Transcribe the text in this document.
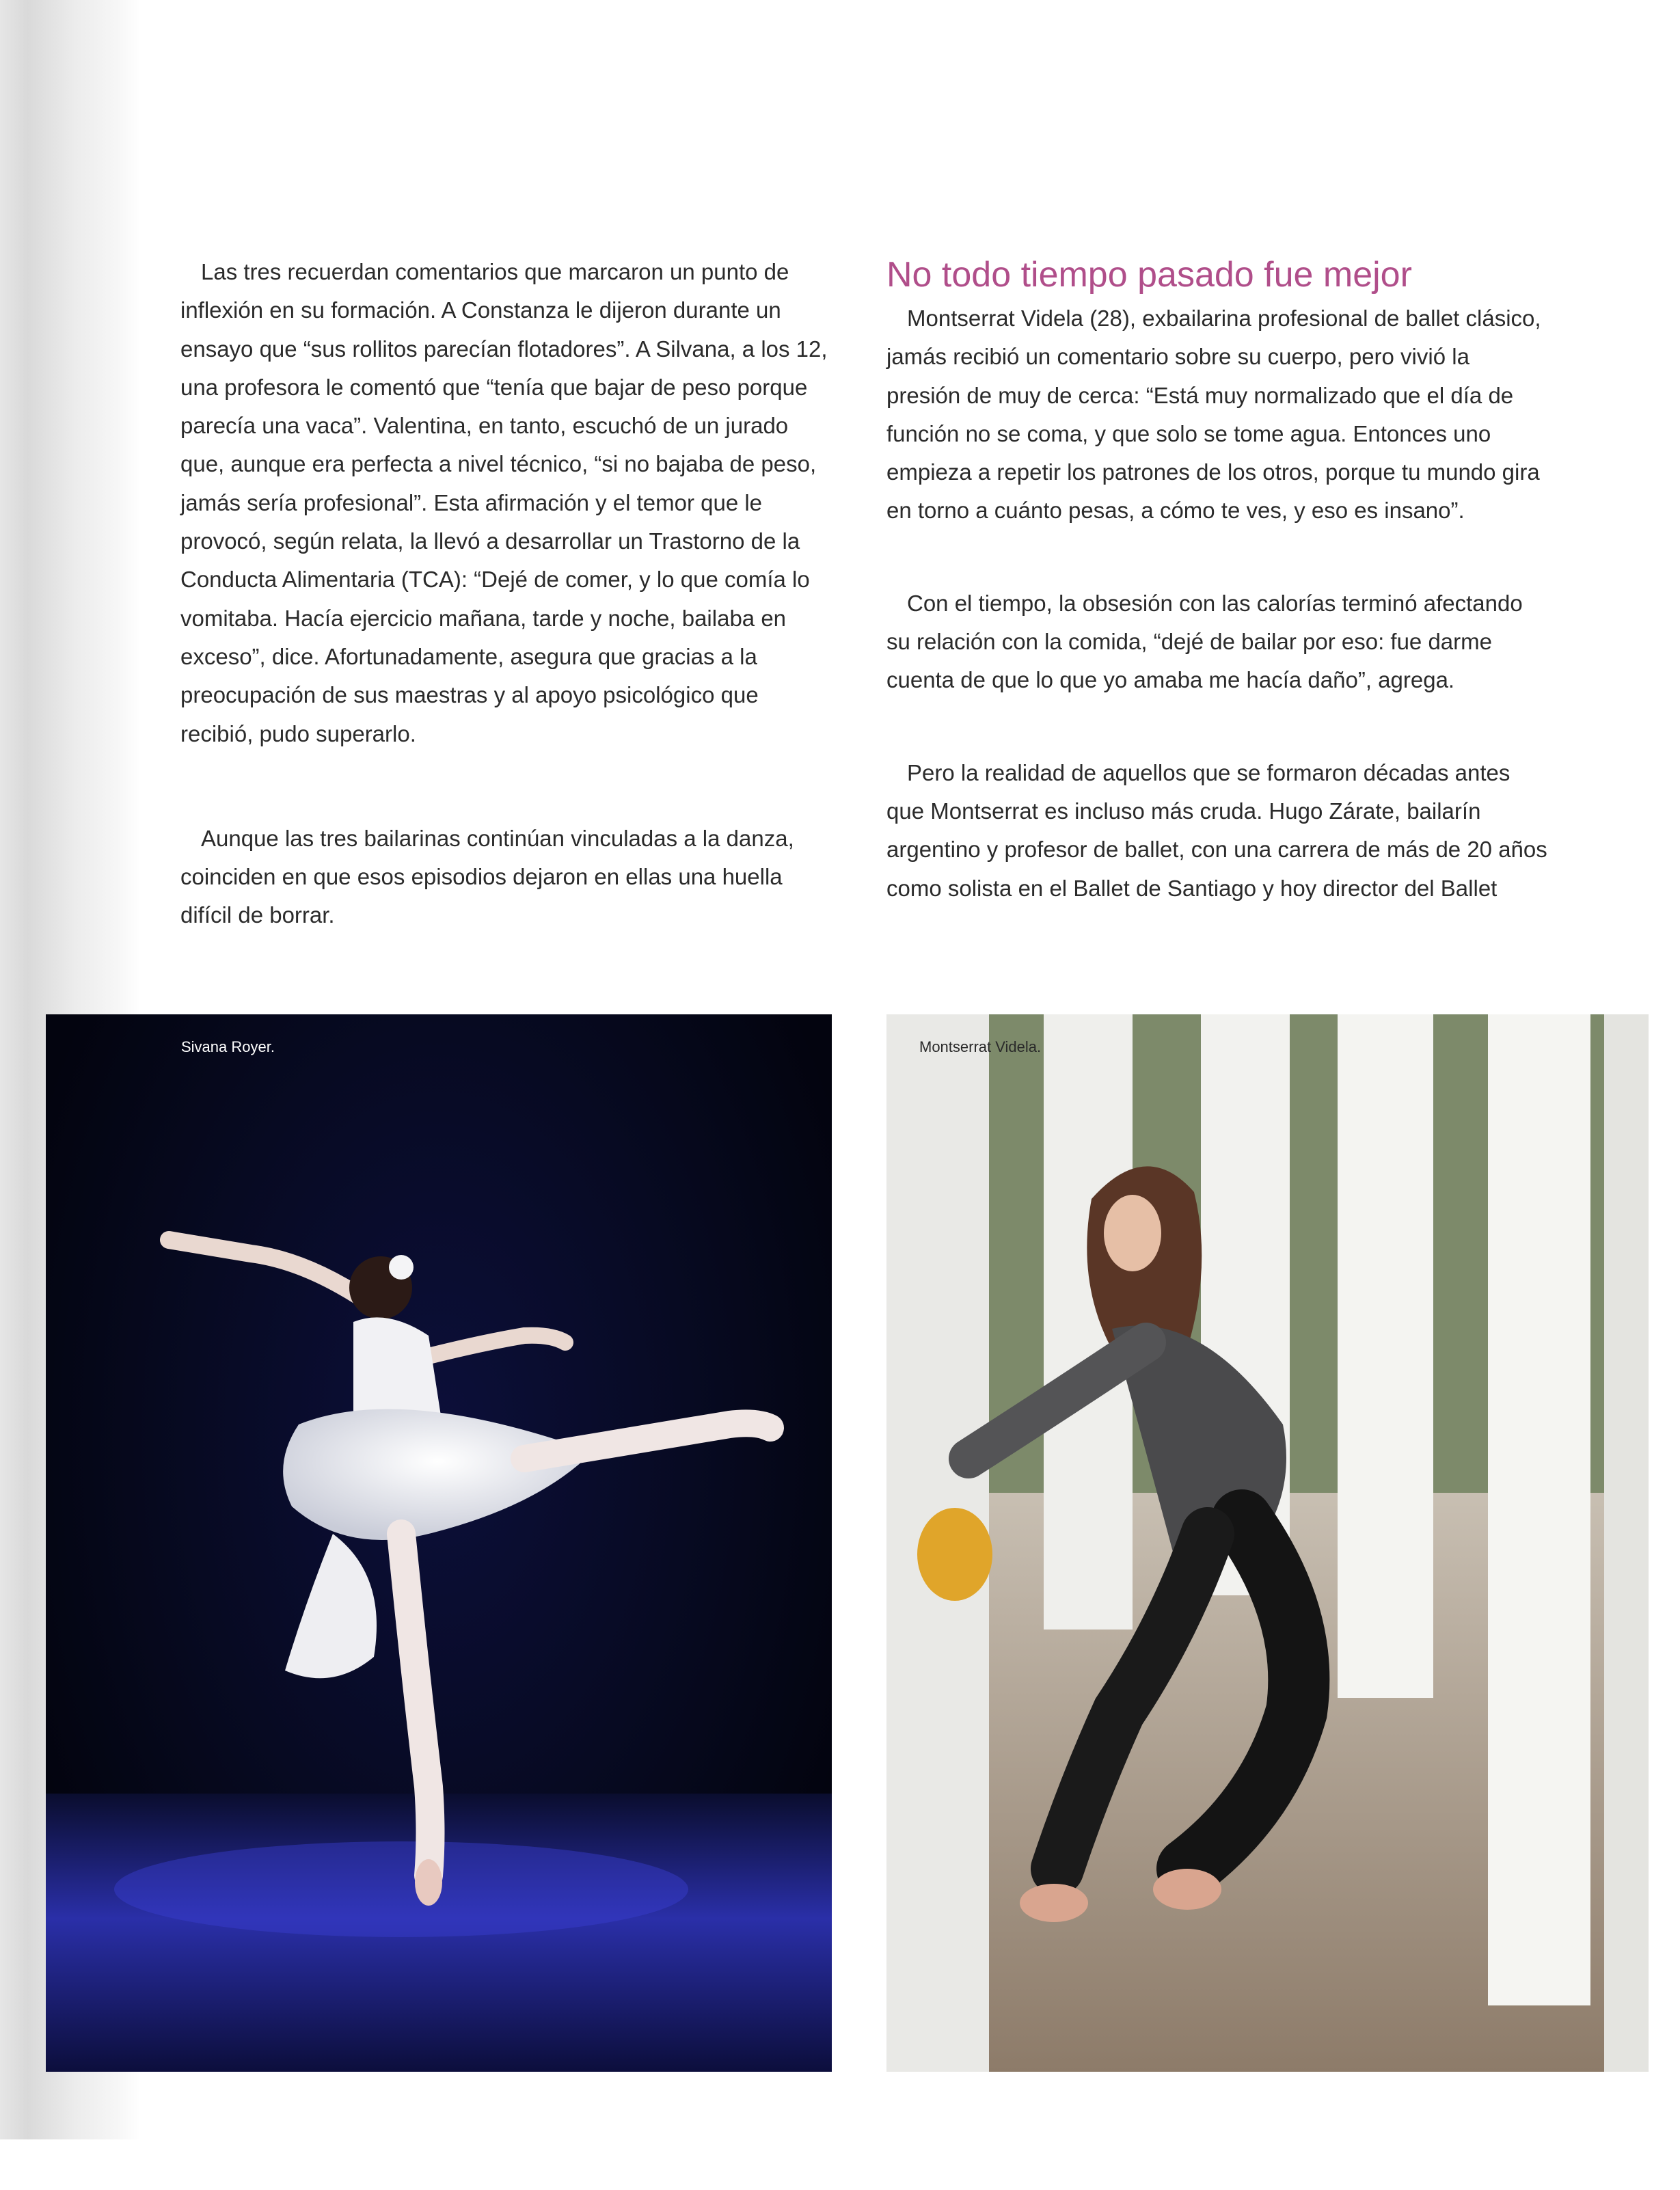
Las tres recuerdan comentarios que marcaron un punto de inflexión en su formación. A Constanza le dijeron durante un ensayo que “sus rollitos parecían flotadores”. A Silvana, a los 12, una profesora le comentó que “tenía que bajar de peso porque parecía una vaca”. Valentina, en tanto, escuchó de un jurado que, aunque era perfecta a nivel técnico, “si no bajaba de peso, jamás sería profesional”. Esta afirmación y el temor que le provocó, según relata, la llevó a desarrollar un Trastorno de la Conducta Alimentaria (TCA): “Dejé de comer, y lo que comía lo vomitaba. Hacía ejercicio mañana, tarde y noche, bailaba en exceso”, dice. Afortunadamente, asegura que gracias a la preocupación de sus maestras y al apoyo psicológico que recibió, pudo superarlo.

Aunque las tres bailarinas continúan vinculadas a la danza, coinciden en que esos episodios dejaron en ellas una huella difícil de borrar.

No todo tiempo pasado fue mejor

Montserrat Videla (28), exbailarina profesional de ballet clásico, jamás recibió un comentario sobre su cuerpo, pero vivió la presión de muy de cerca: “Está muy normalizado que el día de función no se coma, y que solo se tome agua. Entonces uno empieza a repetir los patrones de los otros, porque tu mundo gira en torno a cuánto pesas, a cómo te ves, y eso es insano”.

Con el tiempo, la obsesión con las calorías terminó afectando su relación con la comida, “dejé de bailar por eso: fue darme cuenta de que lo que yo amaba me hacía daño”, agrega.

Pero la realidad de aquellos que se formaron décadas antes que Montserrat es incluso más cruda. Hugo Zárate, bailarín argentino y profesor de ballet, con una carrera de más de 20 años como solista en el Ballet de Santiago y hoy director del Ballet

Sivana Royer.	Montserrat Videla.
